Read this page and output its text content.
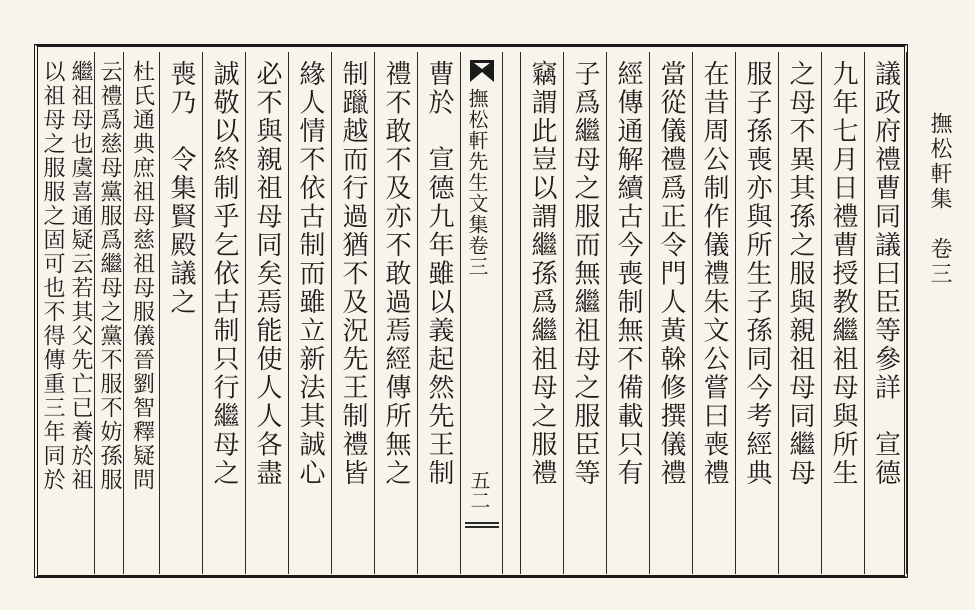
撫松軒集　卷三
議政府禮曹同議曰臣等參詳　宣德
九年七月日禮曹授教繼祖母與所生
之母不異其孫之服與親祖母同繼母
服子孫喪亦與所生子孫同今考經典
在昔周公制作儀禮朱文公嘗曰喪禮
當從儀禮爲正令門人黃榦修撰儀禮
經傳通解續古今喪制無不備載只有
子爲繼母之服而無繼祖母之服臣等
竊謂此豈以謂繼孫爲繼祖母之服禮
撫松軒先生文集卷三
五二
曹於　宣德九年雖以義起然先王制
禮不敢不及亦不敢過焉經傳所無之
制躐越而行過猶不及況先王制禮皆
緣人情不依古制而雖立新法其誠心
必不與親祖母同矣焉能使人人各盡
誠敬以終制乎乞依古制只行繼母之
喪乃　令集賢殿議之
杜氏通典庶祖母慈祖母服儀晉劉智釋疑問
云禮爲慈母黨服爲繼母之黨不服不妨孫服
繼祖母也虞喜通疑云若其父先亡已養於祖
以祖母之服服之固可也不得傳重三年同於
